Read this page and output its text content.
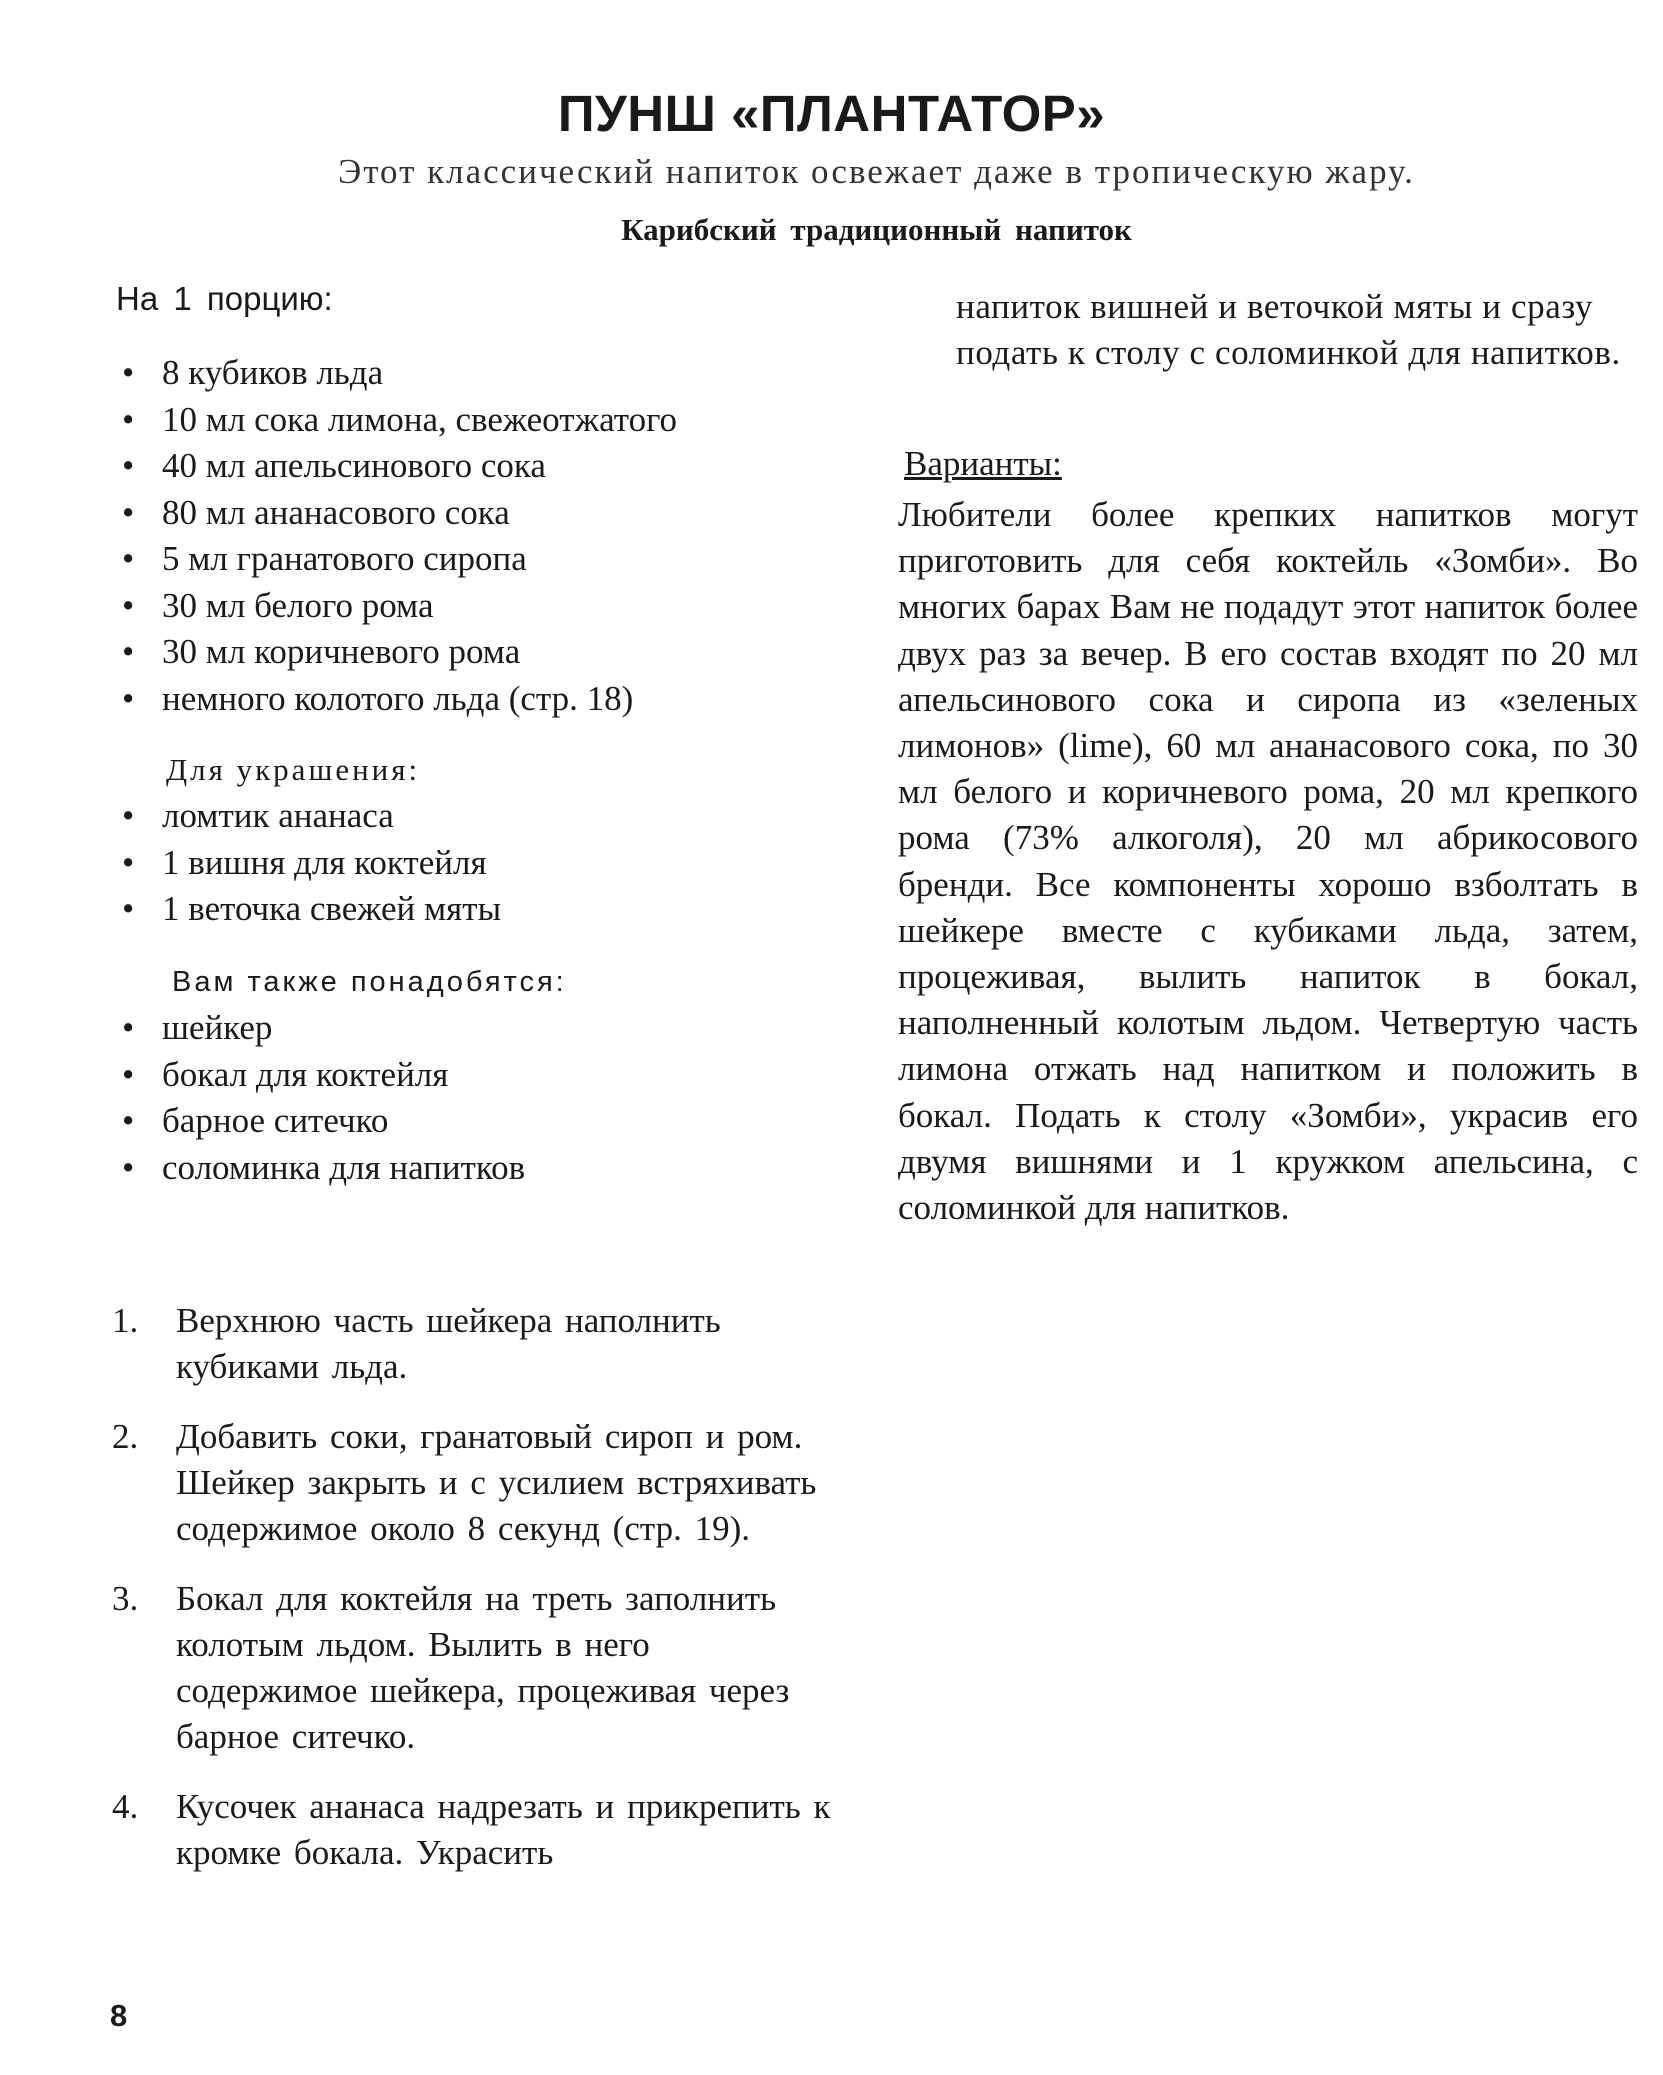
ПУНШ «ПЛАНТАТОР»
Этот классический напиток освежает даже в тропическую жару.
Карибский традиционный напиток
На 1 порцию:
• 8 кубиков льда
• 10 мл сока лимона, свежеотжатого
• 40 мл апельсинового сока
• 80 мл ананасового сока
• 5 мл гранатового сиропа
• 30 мл белого рома
• 30 мл коричневого рома
• немного колотого льда (стр. 18)
Для украшения:
• ломтик ананаса
• 1 вишня для коктейля
• 1 веточка свежей мяты
Вам также понадобятся:
• шейкер
• бокал для коктейля
• барное ситечко
• соломинка для напитков
1. Верхнюю часть шейкера наполнить кубиками льда.
2. Добавить соки, гранатовый сироп и ром. Шейкер закрыть и с усилием встряхивать содержимое около 8 секунд (стр. 19).
3. Бокал для коктейля на треть заполнить колотым льдом. Вылить в него содержимое шейкера, процеживая через барное ситечко.
4. Кусочек ананаса надрезать и прикрепить к кромке бокала. Украсить
напиток вишней и веточкой мяты и сразу подать к столу с соломинкой для напитков.
Варианты:
Любители более крепких напитков могут приготовить для себя коктейль «Зомби». Во многих барах Вам не подадут этот напиток более двух раз за вечер. В его состав входят по 20 мл апельсинового сока и сиропа из «зеленых лимонов» (lime), 60 мл ананасового сока, по 30 мл белого и коричневого рома, 20 мл крепкого рома (73% алкоголя), 20 мл абрикосового бренди. Все компоненты хорошо взболтать в шейкере вместе с кубиками льда, затем, процеживая, вылить напиток в бокал, наполненный колотым льдом. Четвертую часть лимона отжать над напитком и положить в бокал. Подать к столу «Зомби», украсив его двумя вишнями и 1 кружком апельсина, с соломинкой для напитков.
8
